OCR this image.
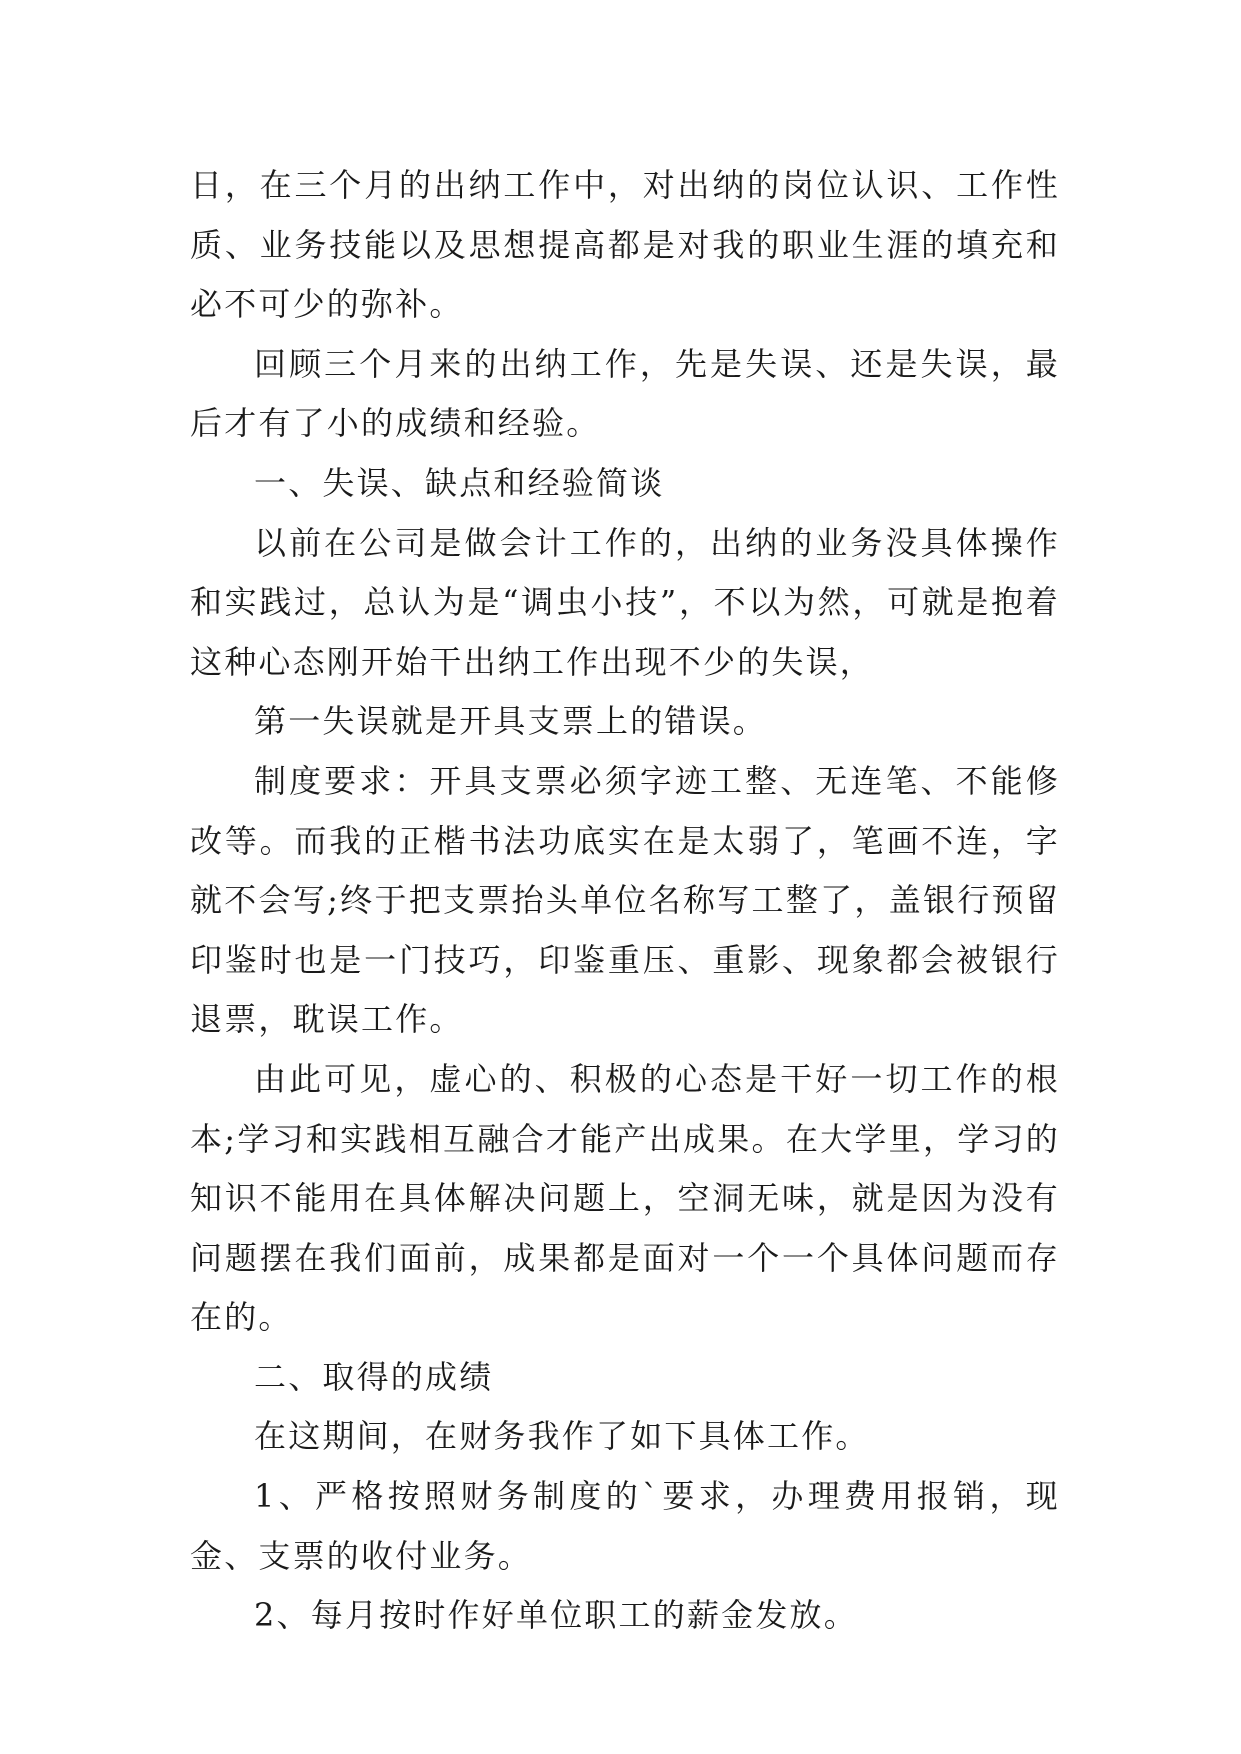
日，在三个月的出纳工作中，对出纳的岗位认识、工作性质、业务技能以及思想提高都是对我的职业生涯的填充和必不可少的弥补。

回顾三个月来的出纳工作，先是失误、还是失误，最后才有了小的成绩和经验。

一、失误、缺点和经验简谈

以前在公司是做会计工作的，出纳的业务没具体操作和实践过，总认为是“调虫小技”，不以为然，可就是抱着这种心态刚开始干出纳工作出现不少的失误，

第一失误就是开具支票上的错误。

制度要求：开具支票必须字迹工整、无连笔、不能修改等。而我的正楷书法功底实在是太弱了，笔画不连，字就不会写;终于把支票抬头单位名称写工整了，盖银行预留印鉴时也是一门技巧，印鉴重压、重影、现象都会被银行退票，耽误工作。

由此可见，虚心的、积极的心态是干好一切工作的根本;学习和实践相互融合才能产出成果。在大学里，学习的知识不能用在具体解决问题上，空洞无味，就是因为没有问题摆在我们面前，成果都是面对一个一个具体问题而存在的。

二、取得的成绩

在这期间，在财务我作了如下具体工作。

1、严格按照财务制度的`要求，办理费用报销，现金、支票的收付业务。

2、每月按时作好单位职工的薪金发放。
